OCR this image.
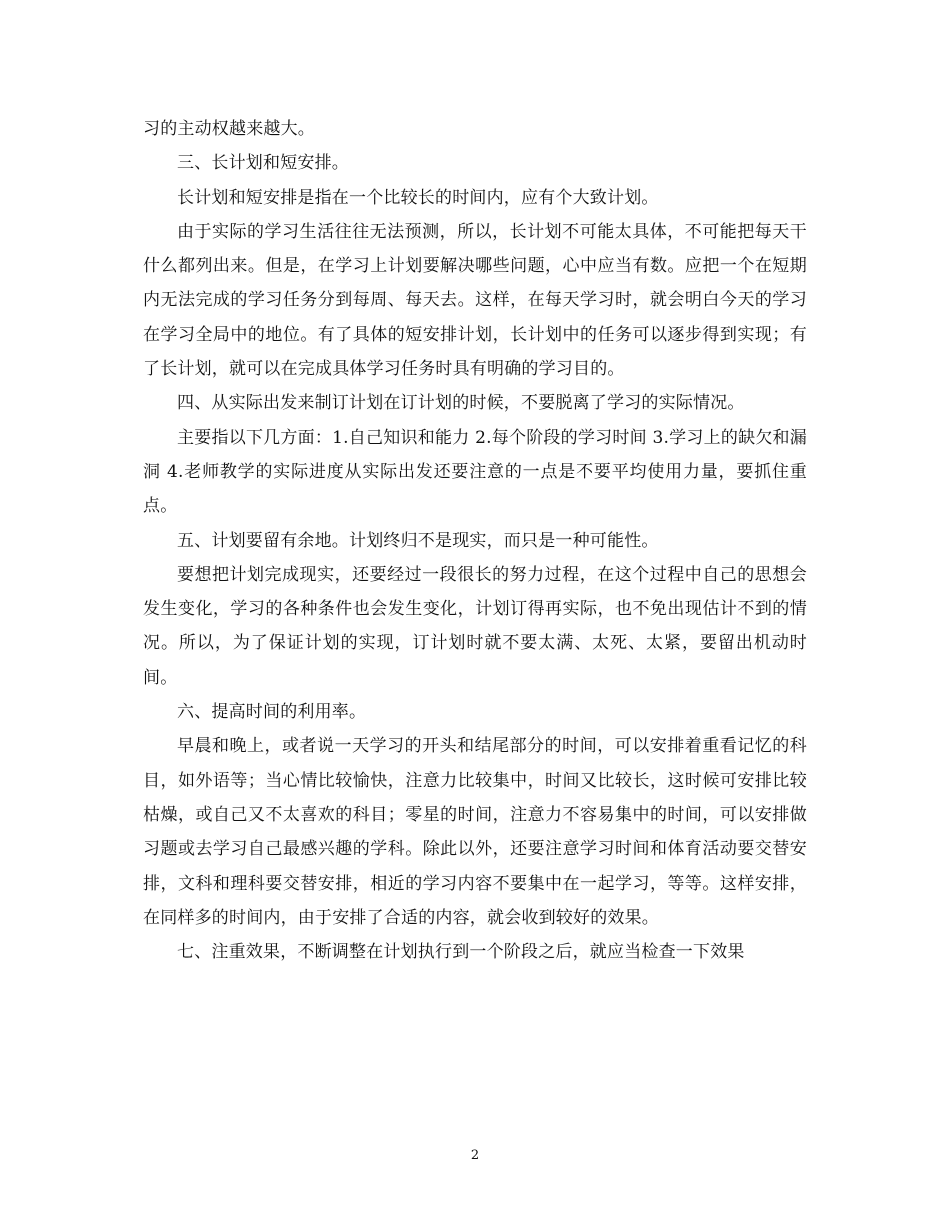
习的主动权越来越大。

三、长计划和短安排。

长计划和短安排是指在一个比较长的时间内，应有个大致计划。

由于实际的学习生活往往无法预测，所以，长计划不可能太具体，不可能把每天干什么都列出来。但是，在学习上计划要解决哪些问题，心中应当有数。应把一个在短期内无法完成的学习任务分到每周、每天去。这样，在每天学习时，就会明白今天的学习在学习全局中的地位。有了具体的短安排计划，长计划中的任务可以逐步得到实现；有了长计划，就可以在完成具体学习任务时具有明确的学习目的。

四、从实际出发来制订计划在订计划的时候，不要脱离了学习的实际情况。

主要指以下几方面：1.自己知识和能力 2.每个阶段的学习时间 3.学习上的缺欠和漏洞 4.老师教学的实际进度从实际出发还要注意的一点是不要平均使用力量，要抓住重点。

五、计划要留有余地。计划终归不是现实，而只是一种可能性。

要想把计划完成现实，还要经过一段很长的努力过程，在这个过程中自己的思想会发生变化，学习的各种条件也会发生变化，计划订得再实际，也不免出现估计不到的情况。所以，为了保证计划的实现，订计划时就不要太满、太死、太紧，要留出机动时间。

六、提高时间的利用率。

早晨和晚上，或者说一天学习的开头和结尾部分的时间，可以安排着重看记忆的科目，如外语等；当心情比较愉快，注意力比较集中，时间又比较长，这时候可安排比较枯燥，或自己又不太喜欢的科目；零星的时间，注意力不容易集中的时间，可以安排做习题或去学习自己最感兴趣的学科。除此以外，还要注意学习时间和体育活动要交替安排，文科和理科要交替安排，相近的学习内容不要集中在一起学习，等等。这样安排，在同样多的时间内，由于安排了合适的内容，就会收到较好的效果。

七、注重效果，不断调整在计划执行到一个阶段之后，就应当检查一下效果

2
